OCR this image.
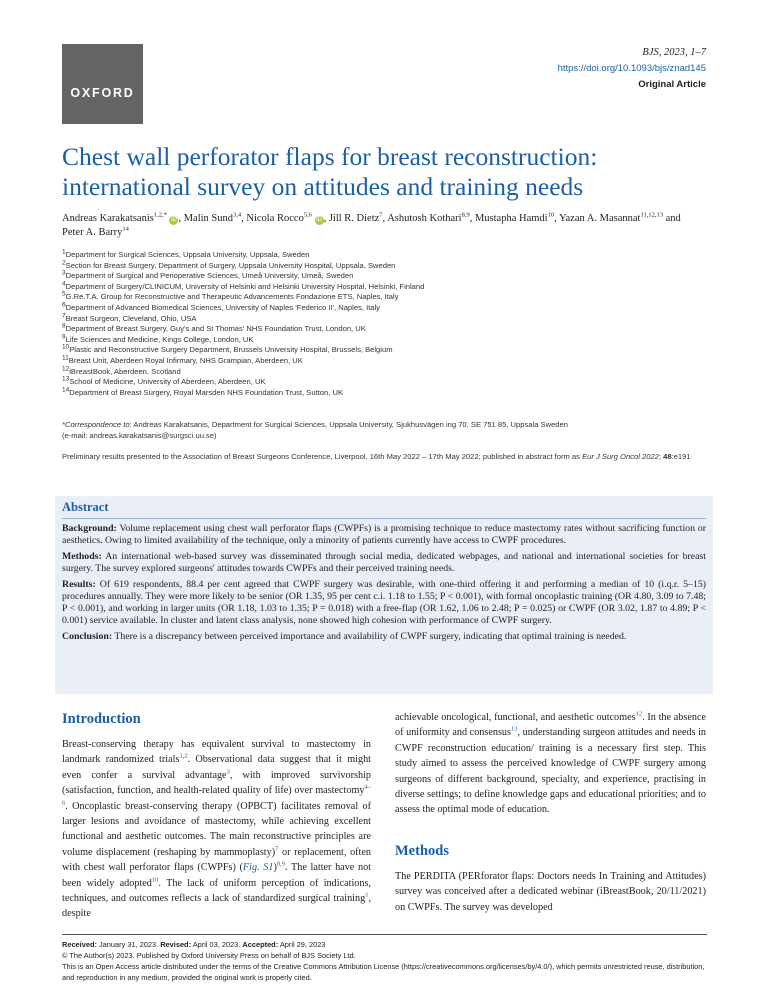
OXFORD
BJS, 2023, 1–7
https://doi.org/10.1093/bjs/znad145
Original Article
Chest wall perforator flaps for breast reconstruction: international survey on attitudes and training needs
Andreas Karakatsanis$^{1,2,*}$ iD , Malin Sund$^{3,4}$, Nicola Rocco$^{5,6}$ iD , Jill R. Dietz$^7$, Ashutosh Kothari$^{8,9}$, Mustapha Hamdi$^{10}$, Yazan A. Masannat$^{11,12,13}$ and Peter A. Barry$^{14}$
$^1$Department for Surgical Sciences, Uppsala University, Uppsala, Sweden
$^2$Section for Breast Surgery, Department of Surgery, Uppsala University Hospital, Uppsala, Sweden
$^3$Department of Surgical and Perioperative Sciences, Umeå University, Umeå, Sweden
$^4$Department of Surgery/CLINICUM, University of Helsinki and Helsinki University Hospital, Helsinki, Finland
$^5$G.Re.T.A. Group for Reconstructive and Therapeutic Advancements Fondazione ETS, Naples, Italy
$^6$Department of Advanced Biomedical Sciences, University of Naples 'Federico II', Naples, Italy
$^7$Breast Surgeon, Cleveland, Ohio, USA
$^8$Department of Breast Surgery, Guy's and St Thomas' NHS Foundation Trust, London, UK
$^9$Life Sciences and Medicine, Kings College, London, UK
$^{10}$Plastic and Reconstructive Surgery Department, Brussels University Hospital, Brussels, Belgium
$^{11}$Breast Unit, Aberdeen Royal Infirmary, NHS Grampian, Aberdeen, UK
$^{12}$iBreastBook, Aberdeen, Scotland
$^{13}$School of Medicine, University of Aberdeen, Aberdeen, UK
$^{14}$Department of Breast Surgery, Royal Marsden NHS Foundation Trust, Sutton, UK
*Correspondence to: Andreas Karakatsanis, Department for Surgical Sciences, Uppsala University, Sjukhusvägen ing 70, SE 751 85, Uppsala Sweden
(e-mail: andreas.karakatsanis@surgsci.uu.se)
Preliminary results presented to the Association of Breast Surgeons Conference, Liverpool, 16th May 2022 – 17th May 2022; published in abstract form as Eur J Surg Oncol 2022; 48:e191
Abstract

Background: Volume replacement using chest wall perforator flaps (CWPFs) is a promising technique to reduce mastectomy rates without sacrificing function or aesthetics. Owing to limited availability of the technique, only a minority of patients currently have access to CWPF procedures.

Methods: An international web-based survey was disseminated through social media, dedicated webpages, and national and international societies for breast surgery. The survey explored surgeons' attitudes towards CWPFs and their perceived training needs.

Results: Of 619 respondents, 88.4 per cent agreed that CWPF surgery was desirable, with one-third offering it and performing a median of 10 (i.q.r. 5–15) procedures annually. They were more likely to be senior (OR 1.35, 95 per cent c.i. 1.18 to 1.55; P < 0.001), with formal oncoplastic training (OR 4.80, 3.09 to 7.48; P < 0.001), and working in larger units (OR 1.18, 1.03 to 1.35; P = 0.018) with a free-flap (OR 1.62, 1.06 to 2.48; P = 0.025) or CWPF (OR 3.02, 1.87 to 4.89; P < 0.001) service available. In cluster and latent class analysis, none showed high cohesion with performance of CWPF surgery.

Conclusion: There is a discrepancy between perceived importance and availability of CWPF surgery, indicating that optimal training is needed.

Introduction

Breast-conserving therapy has equivalent survival to mastectomy in landmark randomized trials$^{1,2}$. Observational data suggest that it might even confer a survival advantage$^3$, with improved survivorship (satisfaction, function, and health-related quality of life) over mastectomy$^{4-6}$. Oncoplastic breast-conserving therapy (OPBCT) facilitates removal of larger lesions and avoidance of mastectomy, while achieving excellent functional and aesthetic outcomes. The main reconstructive principles are volume displacement (reshaping by mammoplasty)$^7$ or replacement, often with chest wall perforator flaps (CWPFs) (Fig. S1)$^{8,9}$. The latter have not been widely adopted$^{10}$. The lack of uniform perception of indications, techniques, and outcomes reflects a lack of standardized surgical training$^1$, despite

achievable oncological, functional, and aesthetic outcomes$^{12}$. In the absence of uniformity and consensus$^{13}$, understanding surgeon attitudes and needs in CWPF reconstruction education/ training is a necessary first step. This study aimed to assess the perceived knowledge of CWPF surgery among surgeons of different background, specialty, and experience, practising in diverse settings; to define knowledge gaps and educational priorities; and to assess the optimal mode of education.

Methods

The PERDITA (PERforator flaps: Doctors needs In Training and Attitudes) survey was conceived after a dedicated webinar (iBreastBook, 20/11/2021) on CWPFs. The survey was developed

Received: January 31, 2023. Revised: April 03, 2023. Accepted: April 29, 2023
© The Author(s) 2023. Published by Oxford University Press on behalf of BJS Society Ltd.
This is an Open Access article distributed under the terms of the Creative Commons Attribution License (https://creativecommons.org/licenses/by/4.0/), which permits unrestricted reuse, distribution, and reproduction in any medium, provided the original work is properly cited.
